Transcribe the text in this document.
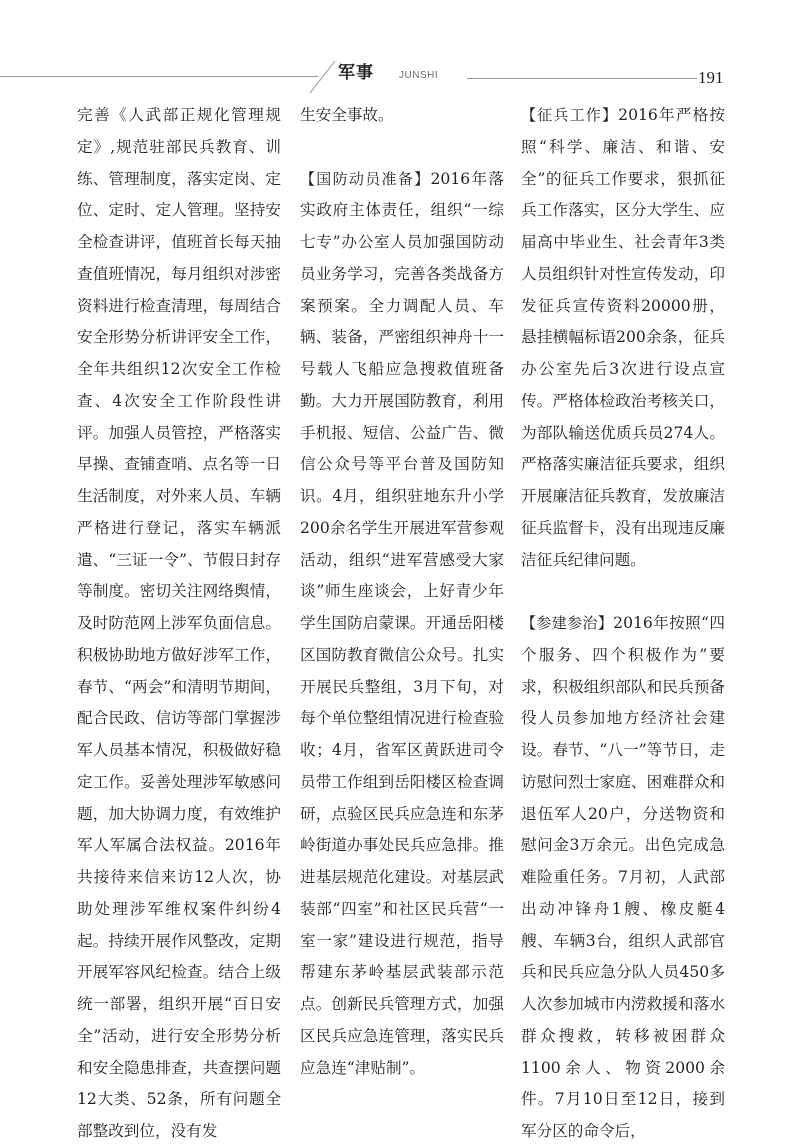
军事	JUNSHI	191

完善《人武部正规化管理规定》,规范驻部民兵教育、训练、管理制度，落实定岗、定位、定时、定人管理。坚持安全检查讲评，值班首长每天抽查值班情况，每月组织对涉密资料进行检查清理，每周结合安全形势分析讲评安全工作，全年共组织12次安全工作检查、4次安全工作阶段性讲评。加强人员管控，严格落实早操、查铺查哨、点名等一日生活制度，对外来人员、车辆严格进行登记，落实车辆派遣、“三证一令”、节假日封存等制度。密切关注网络舆情，及时防范网上涉军负面信息。积极协助地方做好涉军工作，春节、“两会”和清明节期间，配合民政、信访等部门掌握涉军人员基本情况，积极做好稳定工作。妥善处理涉军敏感问题，加大协调力度，有效维护军人军属合法权益。2016年共接待来信来访12人次，协助处理涉军维权案件纠纷4起。持续开展作风整改，定期开展军容风纪检查。结合上级统一部署，组织开展“百日安全”活动，进行安全形势分析和安全隐患排查，共查摆问题12大类、52条，所有问题全部整改到位，没有发

生安全事故。

【国防动员准备】2016年落实政府主体责任，组织“一综七专”办公室人员加强国防动员业务学习，完善各类战备方案预案。全力调配人员、车辆、装备，严密组织神舟十一号载人飞船应急搜救值班备勤。大力开展国防教育，利用手机报、短信、公益广告、微信公众号等平台普及国防知识。4月，组织驻地东升小学200余名学生开展进军营参观活动，组织“进军营感受大家谈”师生座谈会，上好青少年学生国防启蒙课。开通岳阳楼区国防教育微信公众号。扎实开展民兵整组，3月下旬，对每个单位整组情况进行检查验收；4月，省军区黄跃进司令员带工作组到岳阳楼区检查调研，点验区民兵应急连和东茅岭街道办事处民兵应急排。推进基层规范化建设。对基层武装部“四室”和社区民兵营“一室一家”建设进行规范，指导帮建东茅岭基层武装部示范点。创新民兵管理方式，加强区民兵应急连管理，落实民兵应急连“津贴制”。

【征兵工作】2016年严格按照“科学、廉洁、和谐、安全”的征兵工作要求，狠抓征兵工作落实，区分大学生、应届高中毕业生、社会青年3类人员组织针对性宣传发动，印发征兵宣传资料20000册，悬挂横幅标语200余条，征兵办公室先后3次进行设点宣传。严格体检政治考核关口，为部队输送优质兵员274人。严格落实廉洁征兵要求，组织开展廉洁征兵教育，发放廉洁征兵监督卡，没有出现违反廉洁征兵纪律问题。

【参建参治】2016年按照“四个服务、四个积极作为”要求，积极组织部队和民兵预备役人员参加地方经济社会建设。春节、“八一”等节日，走访慰问烈士家庭、困难群众和退伍军人20户，分送物资和慰问金3万余元。出色完成急难险重任务。7月初，人武部出动冲锋舟1艘、橡皮艇4艘、车辆3台，组织人武部官兵和民兵应急分队人员450多人次参加城市内涝救援和落水群众搜救，转移被困群众1100余人、物资2000余件。7月10日至12日，接到军分区的命令后，
